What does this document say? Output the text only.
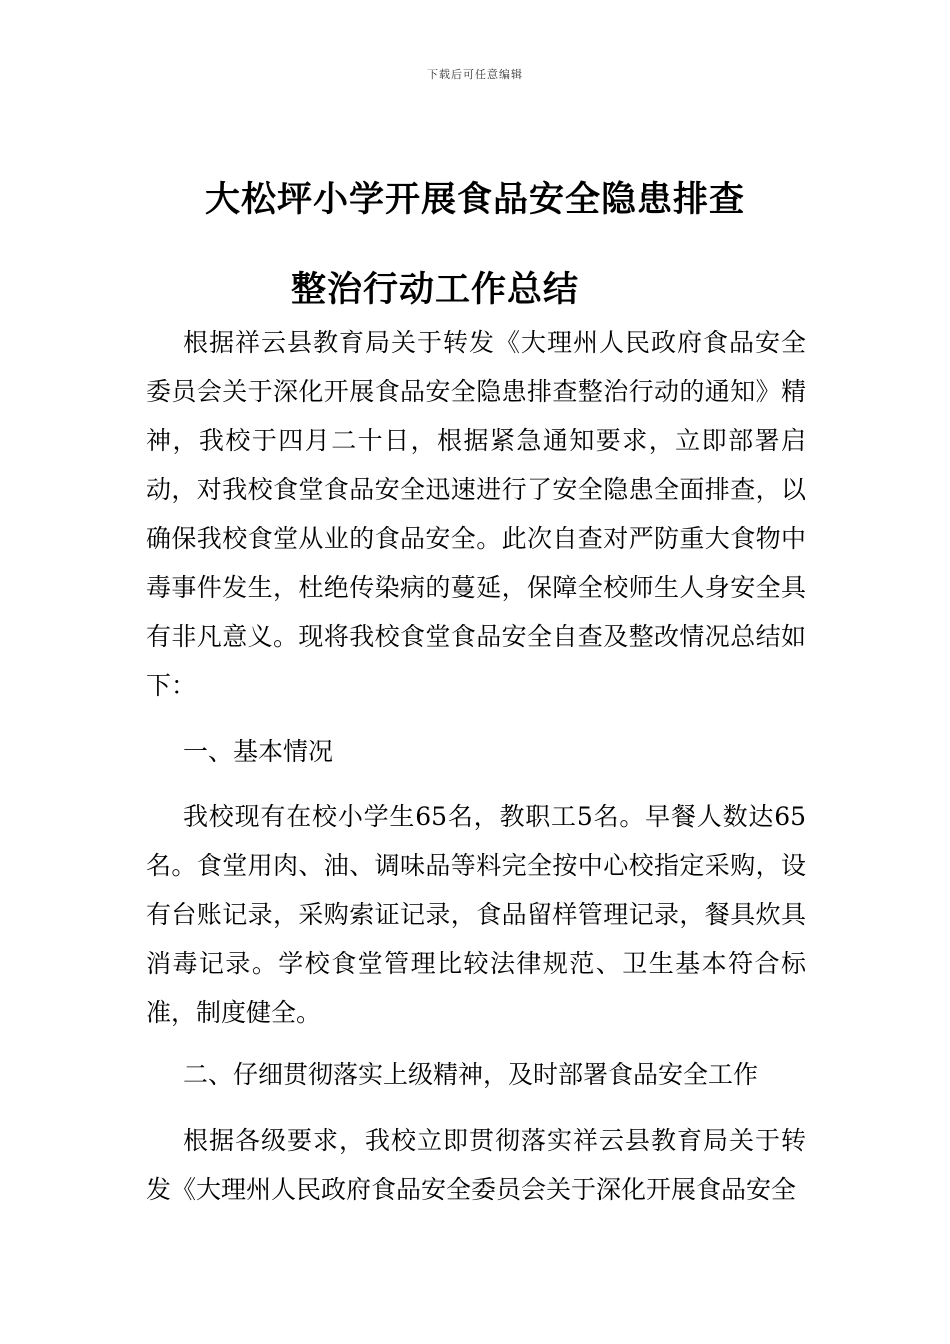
下载后可任意编辑
大松坪小学开展食品安全隐患排查
整治行动工作总结

根据祥云县教育局关于转发《大理州人民政府食品安全委员会关于深化开展食品安全隐患排查整治行动的通知》精神，我校于四月二十日，根据紧急通知要求，立即部署启动，对我校食堂食品安全迅速进行了安全隐患全面排查，以确保我校食堂从业的食品安全。此次自查对严防重大食物中毒事件发生，杜绝传染病的蔓延，保障全校师生人身安全具有非凡意义。现将我校食堂食品安全自查及整改情况总结如下：

一、基本情况

我校现有在校小学生65名，教职工5名。早餐人数达65名。食堂用肉、油、调味品等料完全按中心校指定采购，设有台账记录，采购索证记录，食品留样管理记录，餐具炊具消毒记录。学校食堂管理比较法律规范、卫生基本符合标准，制度健全。

二、仔细贯彻落实上级精神，及时部署食品安全工作

根据各级要求，我校立即贯彻落实祥云县教育局关于转发《大理州人民政府食品安全委员会关于深化开展食品安全
